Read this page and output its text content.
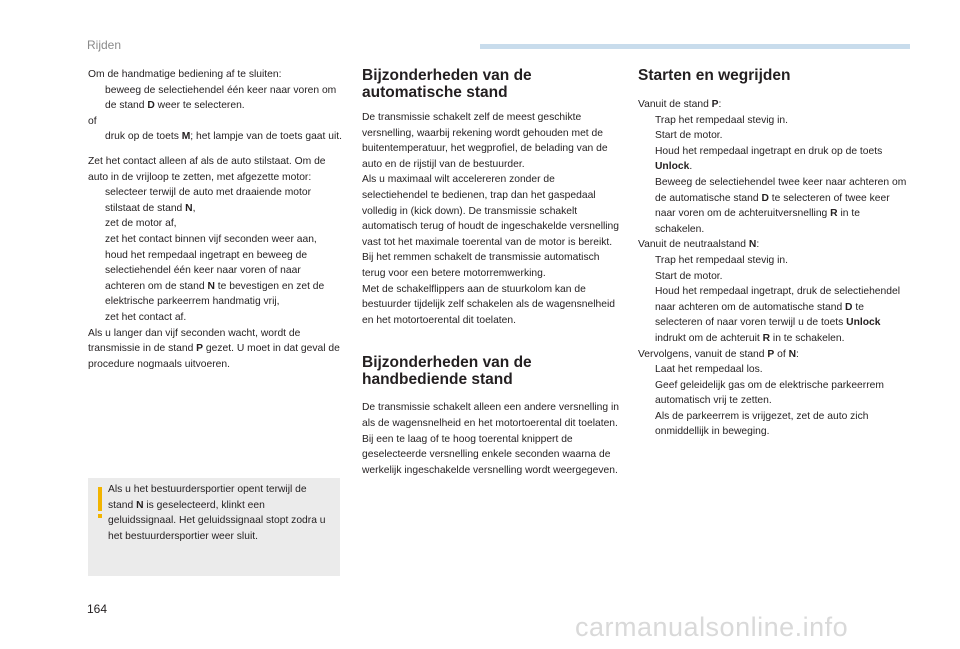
Rijden

Om de handmatige bediening af te sluiten:

beweeg de selectiehendel één keer naar voren om de stand D weer te selecteren.

of

druk op de toets M; het lampje van de toets gaat uit.

Zet het contact alleen af als de auto stilstaat. Om de auto in de vrijloop te zetten, met afgezette motor:

selecteer terwijl de auto met draaiende motor stilstaat de stand N,
zet de motor af,
zet het contact binnen vijf seconden weer aan,
houd het rempedaal ingetrapt en beweeg de selectiehendel één keer naar voren of naar achteren om de stand N te bevestigen en zet de elektrische parkeerrem handmatig vrij,
zet het contact af.

Als u langer dan vijf seconden wacht, wordt de transmissie in de stand P gezet. U moet in dat geval de procedure nogmaals uitvoeren.

Als u het bestuurdersportier opent terwijl de stand N is geselecteerd, klinkt een geluidssignaal. Het geluidssignaal stopt zodra u het bestuurdersportier weer sluit.
Bijzonderheden van de
automatische stand

De transmissie schakelt zelf de meest geschikte versnelling, waarbij rekening wordt gehouden met de buitentemperatuur, het wegprofiel, de belading van de auto en de rijstijl van de bestuurder.

Als u maximaal wilt accelereren zonder de selectiehendel te bedienen, trap dan het gaspedaal volledig in (kick down). De transmissie schakelt automatisch terug of houdt de ingeschakelde versnelling vast tot het maximale toerental van de motor is bereikt.

Bij het remmen schakelt de transmissie automatisch terug voor een betere motorremwerking.

Met de schakelflippers aan de stuurkolom kan de bestuurder tijdelijk zelf schakelen als de wagensnelheid en het motortoerental dit toelaten.

Bijzonderheden van de
handbediende stand

De transmissie schakelt alleen een andere versnelling in als de wagensnelheid en het motortoerental dit toelaten.

Bij een te laag of te hoog toerental knippert de geselecteerde versnelling enkele seconden waarna de werkelijk ingeschakelde versnelling wordt weergegeven.

Starten en wegrijden

Vanuit de stand P:

Trap het rempedaal stevig in.
Start de motor.
Houd het rempedaal ingetrapt en druk op de toets Unlock.
Beweeg de selectiehendel twee keer naar achteren om de automatische stand D te selecteren of twee keer naar voren om de achteruitversnelling R in te schakelen.

Vanuit de neutraalstand N:

Trap het rempedaal stevig in.
Start de motor.
Houd het rempedaal ingetrapt, druk de selectiehendel naar achteren om de automatische stand D te selecteren of naar voren terwijl u de toets Unlock indrukt om de achteruit R in te schakelen.

Vervolgens, vanuit de stand P of N:

Laat het rempedaal los.
Geef geleidelijk gas om de elektrische parkeerrem automatisch vrij te zetten.
Als de parkeerrem is vrijgezet, zet de auto zich onmiddellijk in beweging.
164
carmanualsonline.info
